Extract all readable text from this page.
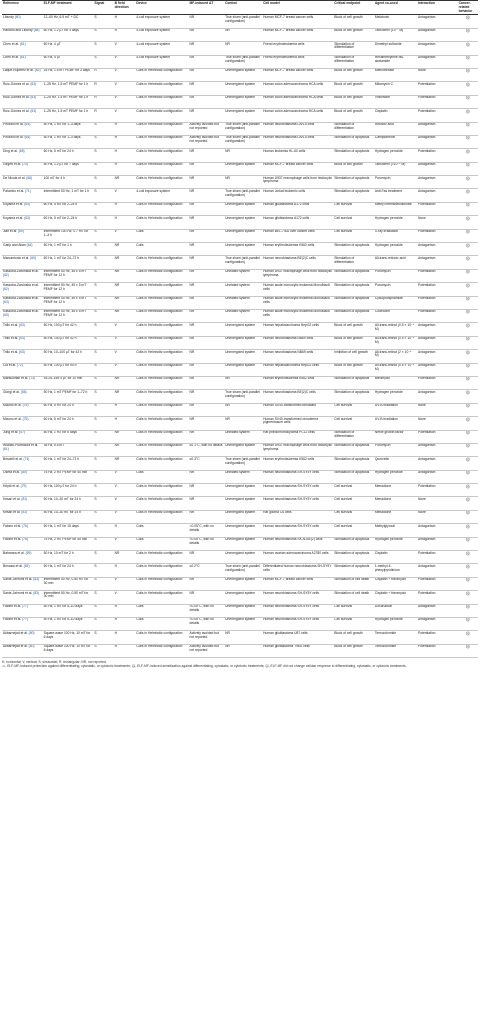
Reference	ELF-MF treatment	Signal	B field direction	Device	MF-induced ΔT	Control	Cell model	Critical endpoint	Agent co-used	Interaction	Cancer-related behavior
Liburdy (60)	12–60 Hz, 6.5 mT + DC	S	H	4-coil exposure system	NR	True sham (anti-parallel configuration)	Human MCF-7 breast cancer cells	Block of cell growth	Melatonin	Antagonism	☹
Harland and Liburdy (58)	60 Hz, 1.2 µT for 3 days	S	H	4-coil exposure system	NR	NR	Human MCF-7 breast cancer cells	Block of cell growth	Tamoxifen (10⁻⁷ M)	Antagonism	☹
Chen et al. (61)	60 Hz, 4 µT	S	V	4-coil exposure system	NR	NR	Friend erythroleukemia cells	Stimulation of differentiation	Dimethyl sulfoxide	Antagonism	☹
Chen et al. (61)	60 Hz, 4 µT	S	V	4-coil exposure system	NR	True sham (anti-parallel configuration)	Friend erythroleukemia cells	Stimulation of differentiation	Hexamethylene bis-acetamide	Antagonism	☹
Laqué-Rupérez et al. (62)	25 Hz, 1.5 mT PEMF for 3 days	R	V	Coils in Helmholtz configuration	NR	Unenergized system	Human MCF-7 breast cancer cells	Block of cell growth	Methotrexate	None	☹
Ruiz-Gómez et al. (63)	1–25 Hz, 1.5 mT PEMF for 1 h	R	V	Coils in Helmholtz configuration	NR	Unenergized system	Human colon adenocarcinoma HCA cells	Block of cell growth	Mitomycin C	Potentiation	☹
Ruiz-Gómez et al. (63)	1–25 Hz, 1.5 mT PEMF for 1 h	R	V	Coils in Helmholtz configuration	NR	Unenergized system	Human colon adenocarcinoma HCA cells	Block of cell growth	Vincristine	Potentiation	☹
Ruiz-Gómez et al. (63)	1–25 Hz, 1.5 mT PEMF for 1 h	R	V	Coils in Helmholtz configuration	NR	Unenergized system	Human colon adenocarcinoma HCA cells	Block of cell growth	Cisplatin	Potentiation	☹
Pirozzoli et al. (64)	50 Hz, 1 mT for 1–3 days	S	H	Coils in Helmholtz configuration	Actively avoided but not reported	True sham (anti-parallel configuration)	Human neuroblastoma LAN-5 cells	Stimulation of differentiation	Retinoic acid	Antagonism	☹
Pirozzoli et al. (64)	50 Hz, 1 mT for 1–3 days	S	H	Coils in Helmholtz configuration	Actively avoided but not reported	True sham (anti-parallel configuration)	Human neuroblastoma LAN-5 cells	Stimulation of apoptosis	Camptothecin	Antagonism	☹
Ding et al. (65)	60 Hz, 5 mT for 24 h	S	H	Coils in Helmholtz configuration	NR	NR	Human leukemia HL-60 cells	Stimulation of apoptosis	Hydrogen peroxide	Potentiation	☹
Girgert et al. (70)	50 Hz, 1.2 µT for 7 days	S	H	Coils in Helmholtz configuration	NR	Unenergized system	Human MCF-7 breast cancer cells	Block of cell growth	Tamoxifen (<10⁻⁶ M)	Antagonism	☹
De Nicola et al. (66)	100 mT for 4 h	S	NR	Coils in Helmholtz configuration	NR	NR	Human U937 macrophage cells from histiocytic lymphoma	Stimulation of apoptosis	Puromycin	Antagonism	☹
Palumbo et al. (71)	Intermittent 50 Hz, 1 mT for 1 h	S	V	4-coil exposure system	NR	True sham (anti-parallel configuration)	Human Jurkat leukemic cells	Stimulation of apoptosis	Anti-Fas treatment	Antagonism	☹
Koyama et al. (63)	60 Hz, 5 mT for 2–24 h	S	H	Coils in Helmholtz configuration	NR	Unenergized system	Human glioblastoma A172 cells	Cell survival	Methyl methanesulfonate	Potentiation	☹
Koyama et al. (63)	60 Hz, 5 mT for 2–24 h	S	H	Coils in Helmholtz configuration	NR	Unenergized system	Human glioblastoma A172 cells	Cell survival	Hydrogen peroxide	None	☹
Jian et al. (60)	Intermittent 100 Hz, 0.7 mT for 1–3 h	S	V	Coils	NR	Unenergized system	Human BEL-7402 liver cancer cells	Cell survival	X-ray irradiation	Potentiation	☹
Garip and Akan (64)	50 Hz, 1 mT for 1 h	S	NR	Coils	NR	Unenergized system	Human erythroleukemia K562 cells	Stimulation of apoptosis	Hydrogen peroxide	Antagonism	☹
Marcantonio et al. (65)	50 Hz, 1 mT for 24–72 h	S	NR	Coils in Helmholtz configuration	NR	True sham (anti-parallel configuration)	Human neuroblastoma BE(2)C cells	Stimulation of differentiation	All-trans-retinoic acid	Antagonism	☹
Kaszuba-Zwoinska et al. (62)	Intermittent 50 Hz, 45 ± 5 mT PEMF for 12 h	S	NR	Coils in Helmholtz configuration	NR	Unelated system	Human U937 macrophage cells from histiocytic lymphoma	Stimulation of apoptosis	Puromycin	Potentiation	☹
Kaszuba-Zwoinska et al. (62)	Intermittent 50 Hz, 45 ± 5 mT PEMF for 12 h	S	NR	Coils in Helmholtz configuration	NR	Unelated system	Human acute monocytic leukemia MonoMac6 cells	Stimulation of apoptosis	Puromycin	Potentiation	☹
Kaszuba-Zwoinska et al. (63)	Intermittent 50 Hz, 45 ± 5 mT PEMF for 12 h	S	NR	Coils in Helmholtz configuration	NR	Unelated system	Human acute monocytic leukemia MonoMac6 cells	Stimulation of apoptosis	Cyclophosphamide	Potentiation	☹
Kaszuba-Zwoinska et al. (63)	Intermittent 50 Hz, 45 ± 5 mT PEMF for 12 h	S	NR	Coils in Helmholtz configuration	NR	Unelated system	Human acute monocytic leukemia MonoMac6 cells	Stimulation of apoptosis	Colchicine	Potentiation	☹
Trillo et al. (63)	50 Hz, 100 µT for 42 h	S	V	Coils in Helmholtz configuration	NR	Unenergized system	Human hepatocarcinoma HepG2 cells	Block of cell growth	All-trans-retinol (0.5 × 10⁻⁶ M)	Antagonism	☹
Trillo et al. (63)	50 Hz, 100 µT for 42 h	S	V	Coils in Helmholtz configuration	NR	Unenergized system	Human neuroblastoma NB69 cells	Block of cell growth	All-trans-retinol (0.5 × 10⁻⁶ M)	Antagonism	☹
Trillo et al. (63)	50 Hz, 10–100 µT for 42 h	S	V	Coils in Helmholtz configuration	NR	Unenergized system	Human neuroblastoma NB69 cells	Inhibition of cell growth	All-trans-retinol (2 × 10⁻⁶ M)	Antagonism	☹
Cid et al. (72)	50 Hz, 100 µT for 90 h	S	V	Coils in Helmholtz configuration	NR	Unenergized system	Human hepatocarcinoma HepG2 cells	Block of cell growth	All-trans-retinol (0.5 × 10⁻⁶ M)	Antagonism	☹
Mansourian et al. (73)	93.25–159.4 µT for 10 min	S	NR	Coils in Helmholtz configuration	NR	NR	Human erythroleukemia K562 cells	Stimulation of apoptosis	Bleomycin	Potentiation	☹
Giorgi et al. (56)	50 Hz, 1 mT PEMF for 1–72 h	S	NR	Coils in Helmholtz configuration	NR	True sham (anti-parallel configuration)	Human neuroblastoma BE(2)C cells	Stimulation of apoptosis	Hydrogen peroxide	Antagonism	☹
Mizuno et al. (75)	60 Hz, 5 mT for 24 h	S	H	Coils in Helmholtz configuration	NR	NR	Human SV40-transformed fibroblast	Cell survival	UV-B irradiation	None	☹
Mizuno et al. (75)	60 Hz, 5 mT for 24 h	S	H	Coils in Helmholtz configuration	NR	NR	Human SV40-transformed xeroderma pigmentosum cells	Cell survival	UV-B irradiation	None	☹
Jung et al. (57)	60 Hz, 1 mT for 5 days	S	NR	Coils in Helmholtz configuration	NR	Unelated system	Rat pheochromocytoma PC12 cells	Stimulation of differentiation	Nerve growth factor	Potentiation	☹
Wlodek-Piotrowicz et al. (61)	35 Hz, 6.5 mT	S	NR	Coils in Helmholtz configuration	≤0.1°C, with no details	Unenergized system	Human U937 macrophage cells from histiocytic lymphoma	Stimulation of apoptosis	Puromycin	Antagonism	☹
Brisdelli et al. (74)	50 Hz, 1 mT for 24–72 h	S	NR	Coils in Helmholtz configuration	≤0.3°C	True sham (anti-parallel configuration)	Human erythroleukemia K562 cells	Stimulation of apoptosis	Quercetin	Antagonism	☹
Osera et al. (80)	75 Hz, 2 mT PEMF for 40 min	S	V	Coils	NR	Unelated system	Human neuroblastoma SH-SY5Y cells	Stimulation of apoptosis	Hydrogen peroxide	Antagonism	☹
Höytö et al. (79)	50 Hz, 100 µT for 24 h	S	V	Coils in Helmholtz configuration	NR	Unenergized system	Human neuroblastoma SH-SY5Y cells	Cell survival	Menadione	Potentiation	☹
Kesari et al. (81)	50 Hz, 10–30 mT for 24 h	S	V	Coils in Helmholtz configuration	NR	Unenergized system	Human neuroblastoma SH-SY5Y cells	Cell survival	Menadione	None	☹
Kesari et al. (81)	50 Hz, 10–30 mT for 24 h	S	V	Coils in Helmholtz configuration	NR	Unenergized system	Rat glioma C6 cells	Cell survival	Menadione	None	☹
Falone et al. (76)	50 Hz, 1 mT for 15 days	S	H	Coils	<0.05°C, with no details	Unenergized system	Human neuroblastoma SH-SY5Y cells	Cell survival	Methylglyoxal	Antagonism	☹
Falone et al. (76)	75 Hz, 2 mT PEMF for 45 min	S	V	Coils	<0.05°C, with no details	Unenergized system	Human neuroblastoma SK-N-BE(2) cells	Stimulation of apoptosis	Hydrogen peroxide	Antagonism	☹
Baharara et al. (59)	50 Hz, 10 mT for 2 h	S	NR	Coils in Helmholtz configuration	NR	Unenergized system	Human ovarian adenocarcinoma A2780 cells	Stimulation of apoptosis	Cisplatin	Potentiation	☹
Benassi et al. (82)	50 Hz, 1 mT for 24 h	S	H	Coils in Helmholtz configuration	≤0.2°C	True sham (anti-parallel configuration)	Differentiated human neuroblastoma SH-SY5Y cells	Stimulation of apoptosis	1-methyl-4-phenylpyridinium	Antagonism	☹
Sanie-Jahromi et al. (83)	Intermittent 50 Hz, 0.50 mT for 30 min	S	V	Coils in Helmholtz configuration	NR	Unenergized system	Human MCF-7 breast cancer cells	Stimulation of cell death	Cisplatin + bleomycin	Potentiation	☹
Sanie-Jahromi et al. (83)	Intermittent 50 Hz, 0.50 mT for 30 min	S	V	Coils in Helmholtz configuration	NR	Unenergized system	Human neuroblastoma SH-SY5Y cells	Stimulation of cell death	Cisplatin + bleomycin	Potentiation	☹
Falone et al. (77)	50 Hz, 1 mT for 5–10 days	S	H	Coils	<0.05°C, with no details	Unenergized system	Human neuroblastoma SH-SY5Y cells	Cell survival	Doxorubicin	Antagonism	☹
Falone et al. (77)	50 Hz, 1 mT for 5–10 days	S	H	Coils	<0.05°C, with no details	Unenergized system	Human neuroblastoma SH-SY5Y cells	Cell survival	Hydrogen peroxide	Antagonism	☹
Akbarnejad et al. (80)	Square-wave 100 Hz, 10 mT for 6 days	S	H	Coils in Helmholtz configuration	Actively avoided but not reported	NR	Human glioblastoma U87 cells	Block of cell growth	Temozolomide	Potentiation	☹
Akbarnejad et al. (80)	Square-wave 100 Hz, 10 mT for 6 days	S	H	Coils in Helmholtz configuration	Actively avoided but not reported	NR	Human glioblastoma T98G cells	Block of cell growth	Temozolomide	Potentiation	☹
H, horizontal; V, vertical; S, sinusoidal; R, rectangular; NR, not reported.
☺, ELF-MF-induced protection against differentiating, cytostatic, or cytotoxic treatments; ☹, ELF-MF-induced sensitization against differentiating, cytostatic, or cytotoxic treatments; ☹, ELF-MF did not change cellular response to differentiating, cytostatic, or cytotoxic treatments.
